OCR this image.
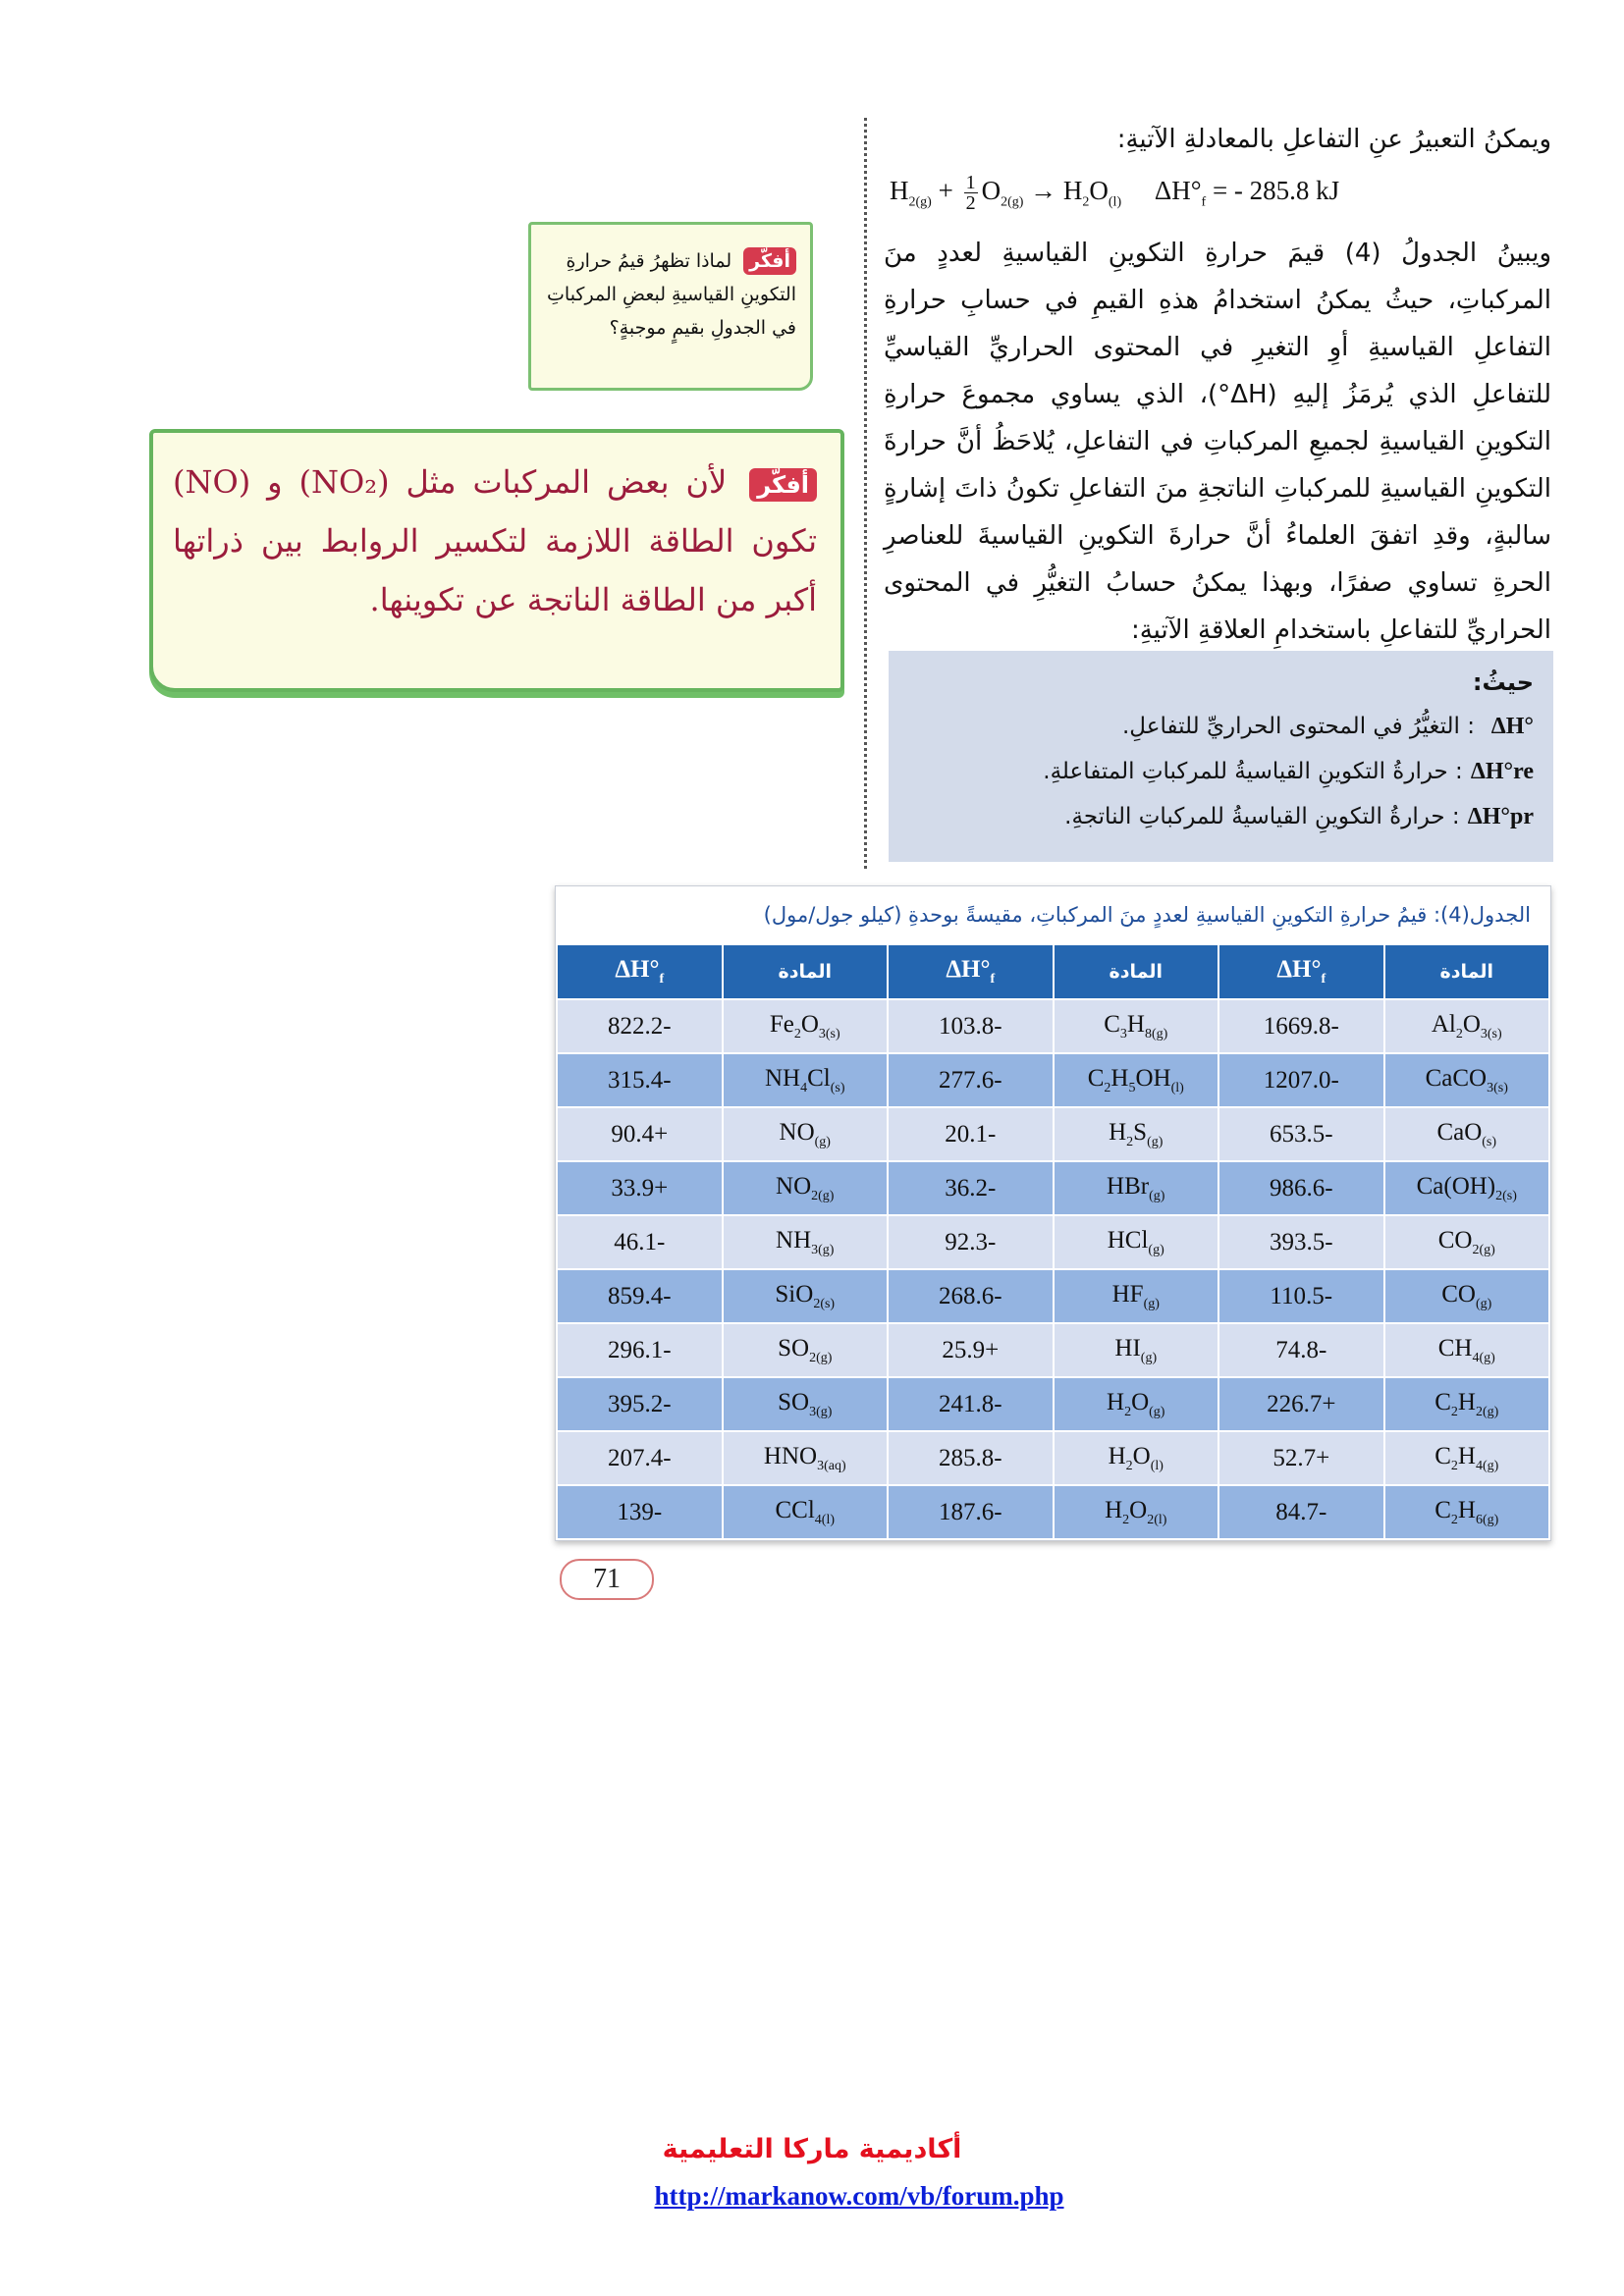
ويمكنُ التعبيرُ عنِ التفاعلِ بالمعادلةِ الآتيةِ:

$H_{2(g)} + \frac{1}{2} O_{2(g)} \to H_2O_{(l)}$ $\Delta H^\circ_f$ = - 285.8 kJ

ويبينُ الجدولُ (4) قيمَ حرارةِ التكوينِ القياسيةِ لعددٍ منَ المركباتِ، حيثُ يمكنُ استخدامُ هذهِ القيمِ في حسابِ حرارةِ التفاعلِ القياسيةِ أوِ التغيرِ في المحتوى الحراريِّ القياسيِّ للتفاعلِ الذي يُرمَزُ إليهِ (ΔH°)، الذي يساوي مجموعَ حرارةِ التكوينِ القياسيةِ لجميعِ المركباتِ في التفاعلِ، يُلاحَظُ أنَّ حرارةَ التكوينِ القياسيةِ للمركباتِ الناتجةِ منَ التفاعلِ تكونُ ذاتَ إشارةٍ سالبةٍ، وقدِ اتفقَ العلماءُ أنَّ حرارةَ التكوينِ القياسيةَ للعناصرِ الحرةِ تساوي صفرًا، وبهذا يمكنُ حسابُ التغيُّرِ في المحتوى الحراريِّ للتفاعلِ باستخدامِ العلاقةِ الآتيةِ:

حيثُ:
ΔH°
: التغيُّرُ في المحتوى الحراريِّ للتفاعلِ.
ΔH°re
: حرارةُ التكوينِ القياسيةُ للمركباتِ المتفاعلةِ.
ΔH°pr
: حرارةُ التكوينِ القياسيةُ للمركباتِ الناتجةِ.
أفكّر لماذا تظهرُ قيمُ حرارةِ التكوينِ القياسيةِ لبعضِ المركباتِ في الجدولِ بقيمٍ موجبةٍ؟
أفكّر لأن بعض المركبات مثل (NO₂) و (NO) تكون الطاقة اللازمة لتكسير الروابط بين ذراتها أكبر من الطاقة الناتجة عن تكوينها.
الجدول(4): قيمُ حرارةِ التكوينِ القياسيةِ لعددٍ منَ المركباتِ، مقيسةً بوحدةِ (كيلو جول/مول)
المادة	$\Delta H^\circ_f$	المادة	$\Delta H^\circ_f$	المادة	$\Delta H^\circ_f$
$Al_2O_{3(s)}$	-1669.8	$C_3H_{8(g)}$	-103.8	$Fe_2O_{3(s)}$	-822.2
CaCO$_{3(s)}$	-1207.0	$C_2H_5OH_{(l)}$	-277.6	$NH_4Cl_{(s)}$	-315.4
CaO$_{(s)}$	-653.5	$H_2S_{(g)}$	-20.1	$NO_{(g)}$	+90.4
$Ca(OH)_{2(s)}$	-986.6	HBr$_{(g)}$	-36.2	$NO_{2(g)}$	+33.9
$CO_{2(g)}$	-393.5	HCl$_{(g)}$	-92.3	$NH_{3(g)}$	-46.1
$CO_{(g)}$	-110.5	$HF_{(g)}$	-268.6	SiO$_{2(s)}$	-859.4
$CH_{4(g)}$	-74.8	$HI_{(g)}$	+25.9	$SO_{2(g)}$	-296.1
$C_2H_{2(g)}$	+226.7	$H_2O_{(g)}$	-241.8	$SO_{3(g)}$	-395.2
$C_2H_{4(g)}$	+52.7	$H_2O_{(l)}$	-285.8	$HNO_{3(aq)}$	-207.4
$C_2H_{6(g)}$	-84.7	$H_2O_{2(l)}$	-187.6	CCl$_{4(l)}$	-139
71
أكاديمية ماركا التعليمية
http://markanow.com/vb/forum.php
